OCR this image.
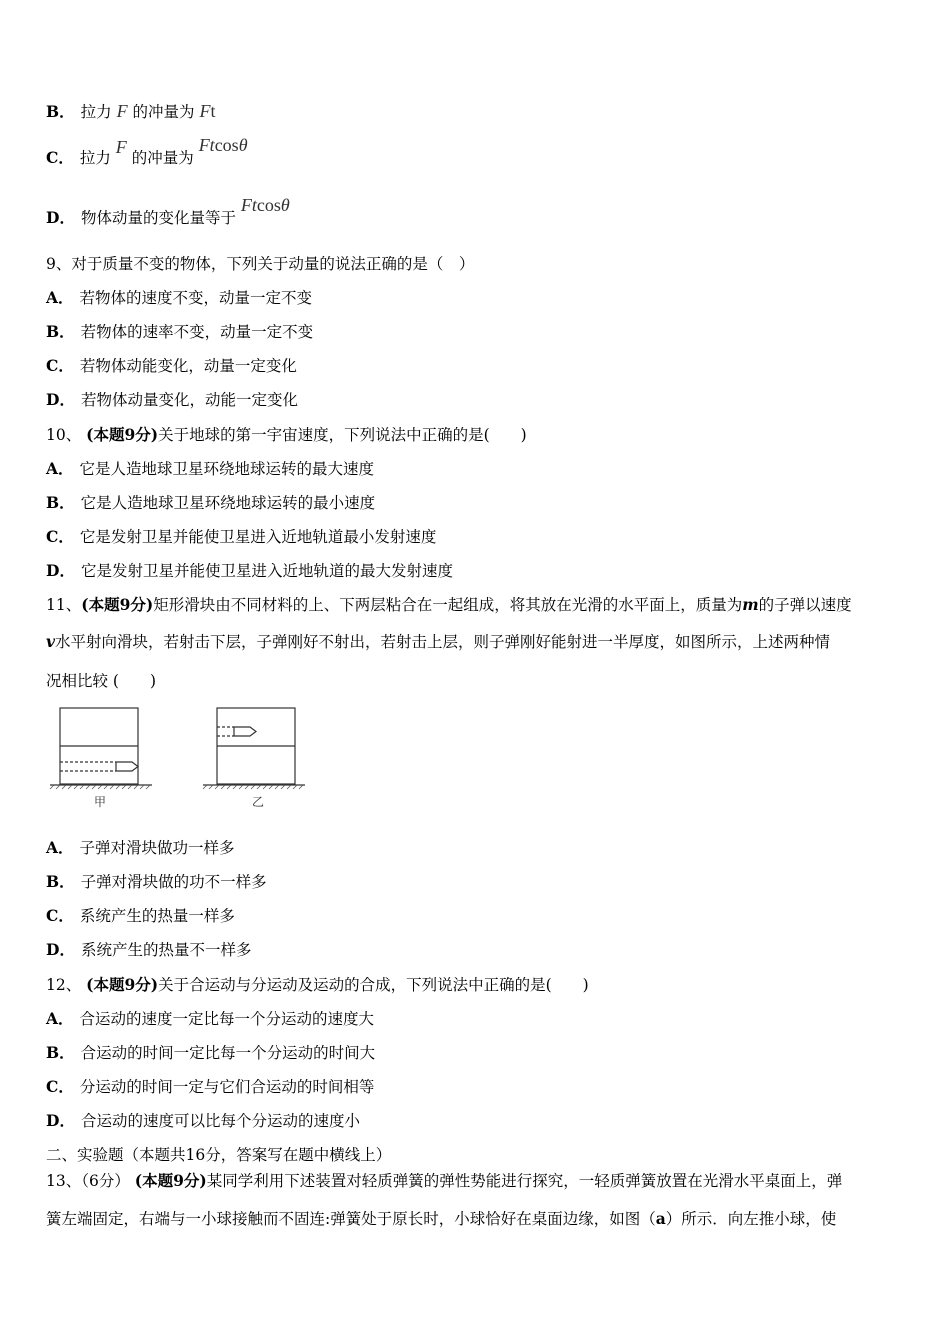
B． 拉力 F 的冲量为 Ft
C． 拉力 F 的冲量为 Ftcosθ
D． 物体动量的变化量等于 Ftcosθ
9、对于质量不变的物体，下列关于动量的说法正确的是（　）
A． 若物体的速度不变，动量一定不变
B． 若物体的速率不变，动量一定不变
C． 若物体动能变化，动量一定变化
D． 若物体动量变化，动能一定变化
10、 (本题9分)关于地球的第一宇宙速度，下列说法中正确的是(　　)
A． 它是人造地球卫星环绕地球运转的最大速度
B． 它是人造地球卫星环绕地球运转的最小速度
C． 它是发射卫星并能使卫星进入近地轨道最小发射速度
D． 它是发射卫星并能使卫星进入近地轨道的最大发射速度
11、(本题9分)矩形滑块由不同材料的上、下两层粘合在一起组成，将其放在光滑的水平面上，质量为m的子弹以速度
v水平射向滑块，若射击下层，子弹刚好不射出，若射击上层，则子弹刚好能射进一半厚度，如图所示，上述两种情
况相比较 (　　)
甲	乙
A． 子弹对滑块做功一样多
B． 子弹对滑块做的功不一样多
C． 系统产生的热量一样多
D． 系统产生的热量不一样多
12、 (本题9分)关于合运动与分运动及运动的合成，下列说法中正确的是(　　)
A． 合运动的速度一定比每一个分运动的速度大
B． 合运动的时间一定比每一个分运动的时间大
C． 分运动的时间一定与它们合运动的时间相等
D． 合运动的速度可以比每个分运动的速度小
二、实验题（本题共16分，答案写在题中横线上）
13、（6分） (本题9分)某同学利用下述装置对轻质弹簧的弹性势能进行探究，一轻质弹簧放置在光滑水平桌面上，弹
簧左端固定，右端与一小球接触而不固连:弹簧处于原长时，小球恰好在桌面边缘，如图（a）所示．向左推小球，使
